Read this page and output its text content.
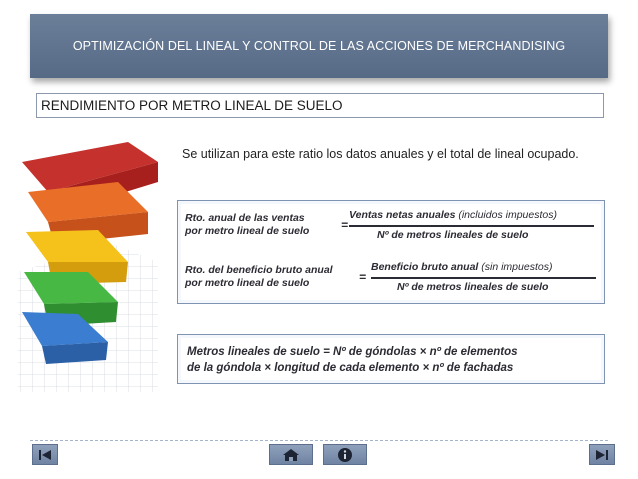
OPTIMIZACIÓN DEL LINEAL Y CONTROL DE LAS ACCIONES DE MERCHANDISING
RENDIMIENTO POR METRO LINEAL DE SUELO

Se utilizan para este ratio los datos anuales y el total de lineal ocupado.

Rto. anual de las ventas
por metro lineal de suelo	=
Ventas netas anuales (incluidos impuestos)
Nº de metros lineales de suelo
Rto. del beneficio bruto anual
por metro lineal de suelo	=
Beneficio bruto anual (sin impuestos)
Nº de metros lineales de suelo
Metros lineales de suelo = Nº de góndolas × nº de elementos
de la góndola × longitud de cada elemento × nº de fachadas
